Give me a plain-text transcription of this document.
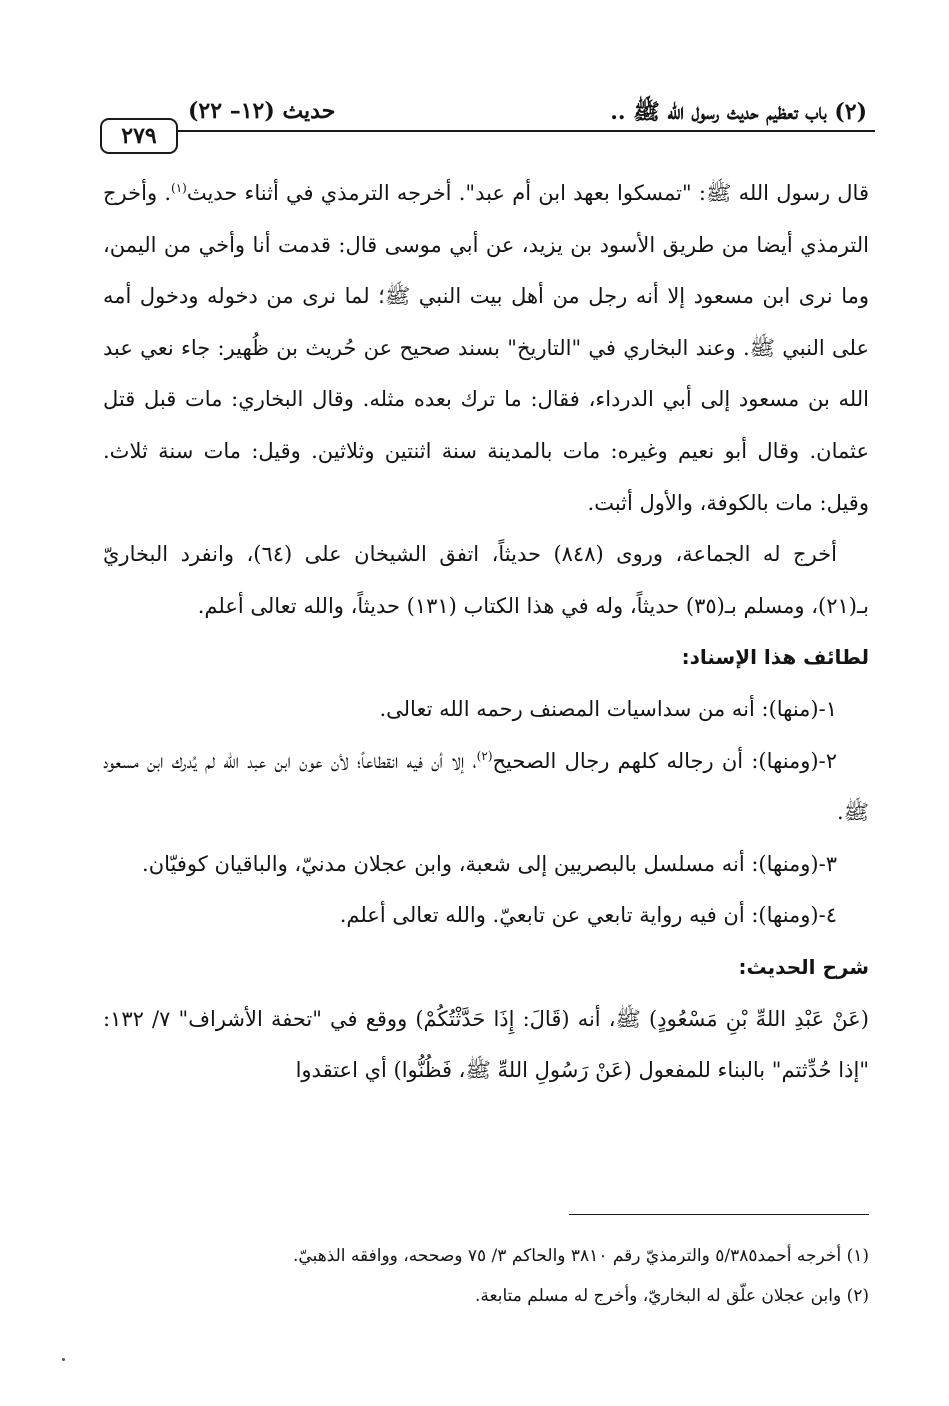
(٢) باب تعظيم حديث رسول الله ﷺ ..
حديث (١٢– ٢٢)
٢٧٩

قال رسول الله ﷺ: "تمسكوا بعهد ابن أم عبد". أخرجه الترمذي في أثناء حديث$^{(١)}$. وأخرج الترمذي أيضا من طريق الأسود بن يزيد، عن أبي موسى قال: قدمت أنا وأخي من اليمن، وما نرى ابن مسعود إلا أنه رجل من أهل بيت النبي ﷺ؛ لما نرى من دخوله ودخول أمه على النبي ﷺ. وعند البخاري في "التاريخ" بسند صحيح عن حُريث بن ظُهير: جاء نعي عبد الله بن مسعود إلى أبي الدرداء، فقال: ما ترك بعده مثله. وقال البخاري: مات قبل قتل عثمان. وقال أبو نعيم وغيره: مات بالمدينة سنة اثنتين وثلاثين. وقيل: مات سنة ثلاث. وقيل: مات بالكوفة، والأول أثبت.

أخرج له الجماعة، وروى (٨٤٨) حديثاً، اتفق الشيخان على (٦٤)، وانفرد البخاريّ بـ(٢١)، ومسلم بـ(٣٥) حديثاً، وله في هذا الكتاب (١٣١) حديثاً، والله تعالى أعلم.

لطائف هذا الإسناد:

١-(منها): أنه من سداسيات المصنف رحمه الله تعالى.

٢-(ومنها): أن رجاله كلهم رجال الصحيح$^{(٢)}$، إلا أن فيه انقطاعاً؛ لأن عون ابن عبد الله لم يُدرك ابن مسعود ﷺ.

٣-(ومنها): أنه مسلسل بالبصريين إلى شعبة، وابن عجلان مدنيّ، والباقيان كوفيّان.

٤-(ومنها): أن فيه رواية تابعي عن تابعيّ. والله تعالى أعلم.

شرح الحديث:

(عَنْ عَبْدِ اللهِّ بْنِ مَسْعُودٍ) ﷺ، أنه (قَالَ: إِذَا حَدَّثْتُكُمْ) ووقع في "تحفة الأشراف" ٧/ ١٣٢: "إذا حُدِّثتم" بالبناء للمفعول (عَنْ رَسُولِ اللهِّ ﷺ، فَظُنُّوا) أي اعتقدوا

(١) أخرجه أحمد٥/٣٨٥ والترمذيّ رقم ٣٨١٠ والحاكم ٣/ ٧٥ وصححه، ووافقه الذهبيّ.

(٢) وابن عجلان علّق له البخاريّ، وأخرج له مسلم متابعة.
